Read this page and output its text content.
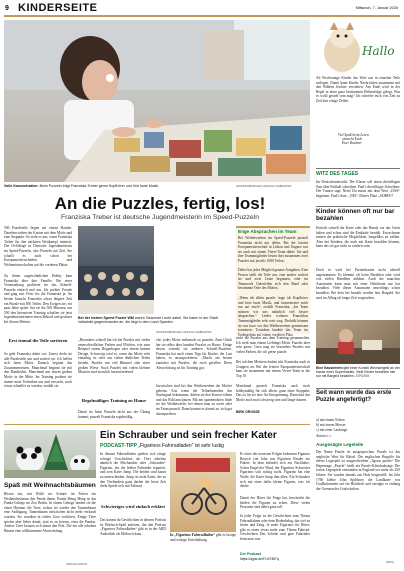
9 KINDERSEITE	Mittwoch, 7. Januar 2026
Volle Konzentration: Beim Puzzeln trägt Franziska Treber gerne Kopfhörer und hört laute Musik.	/RAVENSBURGER VERLAG GMBH/DPA
Hallo
Ab Wochentage Kinder das Wort aus in einzelne Teile zerlegen. Damit kann Kinder Nachrichten zusammen mit den Bildern leichter verstehen. Am Ende wird in der Regel in einer ganz bestimmten Reihenfolge gelegt. Was es wohl gerade sein mag? Ich schreibe euch von Zeit zu Zeit hier einige Zeilen.
Viel Spaß beim Lesen
wünscht Euch
Euer Rackner
WITZ DES TAGES
Im Deutschunterricht: Die Klasse soll einen dreisilbigen Satz über Fußball schreiben. Paul's dreisilbiger Schreiben: Der Trainer sagt: Nein! Du musst mit dem Wort „DAS“ beginnen. Paul's Satz: „NEI“. Dritter Platz „JAHRE“!
An die Puzzles, fertig, los!
Franziska Treber ist deutsche Jugendmeisterin im Speed-Puzzeln
500 Puzzleteile liegen auf einem Haufen. Daneben stehen der Karton mit dem Motiv und eine Stoppuhr. So sieht es aus, wenn Franziska Treber für den nächsten Wettkampf trainiert. Die 16-Jährige ist Deutsche Jugendmeisterin im Speed-Puzzeln, also Puzzeln auf Zeit. Sie schafft es auch schon bei Europameisterschaften und Weltmeisterschaften auf die vorderen Plätze.
Zu ihrem ungewöhnlichen Hobby kam Franziska über ihre Familie. Bei einer Veranstaltung probierte sie das Schnell-Puzzeln einfach mal aus. Ich probier Freude und ging mir. Fein- bis die Franziska ja: An besten braucht Franziska schon längere Zeit ein Puzzle mit 500 Teilen. Den Ewigen sie, ein paar Jahre später löst sie die 500 Minuten, um 500 den Intensiven Training schaffen sie jetzt Jugendmeisterinnen einen Rekord und gewinnt bei diesen Meister.
Erst einmal die Teile sortieren
So geht Franziska dabei vor: Zuerst dreht sie alle Puzzleteile um und sortiert sie. Ich helfen sich dann Motiv. Danach beginnt das Zusammensetzen. Manchmal beginnt sie mit den Randteilen. Manchmal mit einem großen Motiv in der Mitte. Im Training probiert sie immer neue Techniken aus und versucht, noch etwas schneller zu werden, erzählt sie.
Bei der letzten Speed Puzzle WM waren Tausende Leute dabei. Sie traten in der Stadt Valladolid gegeneinander an, die liegt in dem Land Spanien.
/RAVENSBURGER VERLAG GMBH/DPA
„Besonders schnell bin ich bei Puzzles mit vielen unterschiedlichen Farben und Flächen, wie zum Beispiel einem Regenbogen oder einem bunten Design. Schwierig wird es, wenn das Motiv sehr einfarbig ist oder aus vielen ähnlichen Teilen besteht. Puzzles mit viel Himmel oder einer großen Wiese. Auch Puzzles mit vielen kleinen Mustern sind ziemlich herausfordernd.
Regelmäßiges Training zu Hause
Damit sie beim Puzzeln nicht aus der Übung kommt, puzzelt Franziska regelmäßig.
che, jedes Motiv mehrmals zu puzzeln. Zum Glück hat sie selbst über hundert Puzzles zu Hause. Einige davon schenkt sie anderen Schnell-Puzzlern. Franziska hat auch einen Tipp für Kinder, die Lust haben, es auszuprobieren: „Macht am besten zunächst mit Puzzles, die euch gefallen. Diese Abwechslung ist für Training gut.
Inzwischen sind bei den Wettbewerben die Motive geheim. Erst wenn die Teilnehmenden das Startsignal bekommen, dürfen sie den Karton öffnen und das Bild anschauen. Mit am spannendsten finde sie die Wettbewerbe, bei denen man zu zweit oder im Team puzzelt. Dann kommt es darauf an, sich gut abzusprechen.
Enge Absprachen im Team
Bei Wettbewerben im Speed-Puzzeln puzzelt Franziska nicht nur allein. Bei der letzten Europameisterschaft in Lisbon und Ungarn war sie auch mit einem Vierer-Team dabei. Sie und ihre Teammitglieder lösten dort zusammen zwei Puzzles mit jeweils 1000 Teilen.
Dabei hat jedes Mitglied genaue Aufgaben. Eine Person stellt die Teile um, eine andere sortiert sie und zwei Leute beginnen, oder im Teamwork Unterteilen sich den Rand oder bestimmte Teile des Motivs.
„Wenn ich allein puzzle, trage ich Kopfhörer und höre laute Musik, und konzentriere mich nur auf mich“, erzählt Franziska. „Im Team müssen wir uns natürlich viel besser absprechen.“ Leider wohnen Franziskas Teammitglieder sehr weit weg. Deshalb können sie nur kurz vor den Wettbewerben gemeinsam trainieren. Trotzdem landete das Team im Endergebnis auf einem vorderen Platz.
nicht die Puzzles aus dem Training gesammelten. Ich weiß man einem Lieblings-Motiv Puzzles aber sehr gerne. Gern mag sie besonders Puzzles mit vielen Farben, die ich gerne puzzle.
Bei solchen Meisterschaften tritt Franziska auch in Gruppen an. Bei der letzten Europameisterschaft kam sie zusammen mit einem Vierer-Team in die Top 10.
Manchmal puzzelt Franziska auch noch hobbymäßig für sich allein, ganz ohne Stoppuhr. Das ist für sie eine Art Entspannung. Dann darf das Motiv auch mal schwierig sein und lange dauern.
BIRK GROSSE
Kinder können oft nur bar bezahlen
Einfach schnell die Karte oder das Handy vor das Gerät halten und schon sind die Einkäufe bezahlt. Erwachsene nutzen die praktische Möglichkeit, bargeldlos zu zahlen. Aber bei Kindern, die auch mit Karte bezahlen können, kann das oft gar nicht so einfach sein.
Doch es wird bei Partnerkarten nicht überall angenommen. Es klemmt oft beim Bezahlen oder wird von vielen Händlern ablehnt. Auch die manchen Automaten kann man mit einer Debitkarte nur bar bezahlen. Viele dieser Automaten neuerdings schon bezahlen. Bei dem bei bezahlt werden hier Bargeld. Sie sind im Alltag oft lange Zeit vorgesehen.
Eine Kassiererin gibt einer Kundin Wechselgeld an der Kasse einer Supermarkts. Viele Kinder bezahlen hier nur mit Bargeld bezahlen. /DPA/BM
Seit wann wurde das erste Puzzle angefertigt?
a) mit einem Schere
b) mit einem Messer
c) mit einer Laubsäge
Antwort: c
Spaß mit Weihnachtsbäumen
Rösser ein, mit Wühl vor Schnee im Ferien ein Weihnachtsbaum den Panda ihnen. Panda Meng Meng in das Panda-Gehege im Zoo Berlin. In einem Gehege fanden sie die einen Hiramur die Tiere, sodass sie wieder den Tannenbaum eine Anflügung. Tannenbaum inzwischen nicht mehr verkauft wurden. Sie wandten in vielen Zoos verfüttert. Einige Tiere spielen aber lieber damit, statt es zu fressen, etwa die Pandas. Andere Tiere kratzen sich damit den Pelz. Die nie alle erhalten Bäume eine willkommene Abwechslung.
/DPA/SCH/ZOO
Ein Schrauber und sein frecher Kater
PODCAST-TIPP „Figarinos Fahrradladen“ ist sehr lustig
In diesem Fahrradladen spielen sich einige schräge Geschichten ab: Dort arbeiten nämlich der Mechaniker oder „Schrauber“ Figarino, der die fehlen Fahrräder repariert, und sein Kater Jump. Die beiden sind kaum zu unterscheiden. Jump ist nicht Kater, der zu den Tierkindern ganz dachte die beste Zeit dreht Spiele sich mit Fahrrad.
Schwieriges wird einfach erklärt
Das kannst du Geschichten in diesem Podcast ist Hörbuch-Spiel anhören, ihn den Podcast „Figarinos Fahrradladen“ gibt es in der ARD Audiothek als Hörbuch dazu.	In „Figarinos Fahrradladen“ gibt es lustige und witzige Unterhaltung.
Es einer der neuesten Folgen bekommt Figarino Besuch von John von Figarinos Bruder ein Pakete. In dem befindet sich ein Nachfahre. Schon Engel der Wind, der Figarinos Schwester Figarinos sich richtig sucht. Figarino hat eine Waffe, die Kater Jump ihm allen. Ein Schrauber sich mit einer dafür kleine Figuren, was ich dürfte.
Damit der Hörer die Frage hat, beschreibt die beiden die Figuren zu sehen. Diese vielen Personen sind dabei ganz toll.
In jeder Folge ist die Geschichten zum Thema Fahrradfahren oder dem Bodenbelag, das viel zu hören und Zeug. Je mehr Figarinos für Hörer, gibt es einen etwas mehr zum Thema Fahrrad. Geschichten Das Schöne und gute Fahrräder lernt man was.
Der Podcast
https://ajpsr.de/FLN7387q
Ausgesägte Legeteile
Der Name Puzzle ist ausgesprochen. Puzzle ist das englische Wort für Rätsel. Die englischen Begriffe für dieses Legespiel ist ausgeschrieben „Jigsaw puzzle“ Die Hapensage „Puzzle“ heißt ein Puzzle-Kleinlaubsäge. Die ersten Legespiele entstanden in England vor mehr als 250 Jahren. Sie wurden damals aus Holz hergestellt. Im Jahr 1766 klebte John Spilsbury die Landkarte von Großbritannien auf ein Holzbrett und zersägte es entlang der Grenzen der Grafschaften.
(DPA)
